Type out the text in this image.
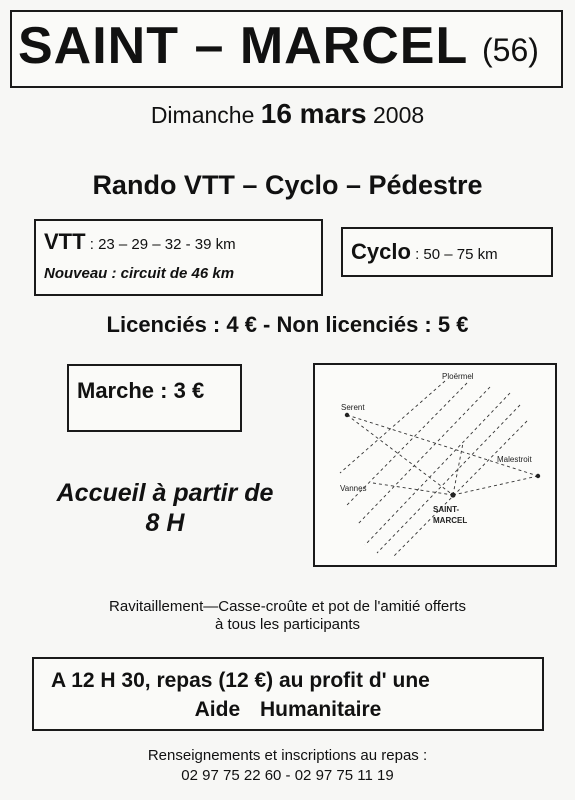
SAINT – MARCEL (56)
Dimanche 16 mars 2008
Rando VTT – Cyclo – Pédestre
VTT : 23 – 29 – 32 - 39 km
Nouveau : circuit de 46 km
Cyclo : 50 – 75 km
Licenciés : 4 € - Non licenciés : 5 €
Marche : 3 €
Ploërmel
Serent
Malestroit
Vannes
SAINT-
MARCEL
Accueil à partir de
8 H
Ravitaillement—Casse-croûte et pot de l'amitié offerts
à tous les participants
A 12 H 30, repas (12 €) au profit d' une
Aide Humanitaire
Renseignements et inscriptions au repas :
02 97 75 22 60 - 02 97 75 11 19
